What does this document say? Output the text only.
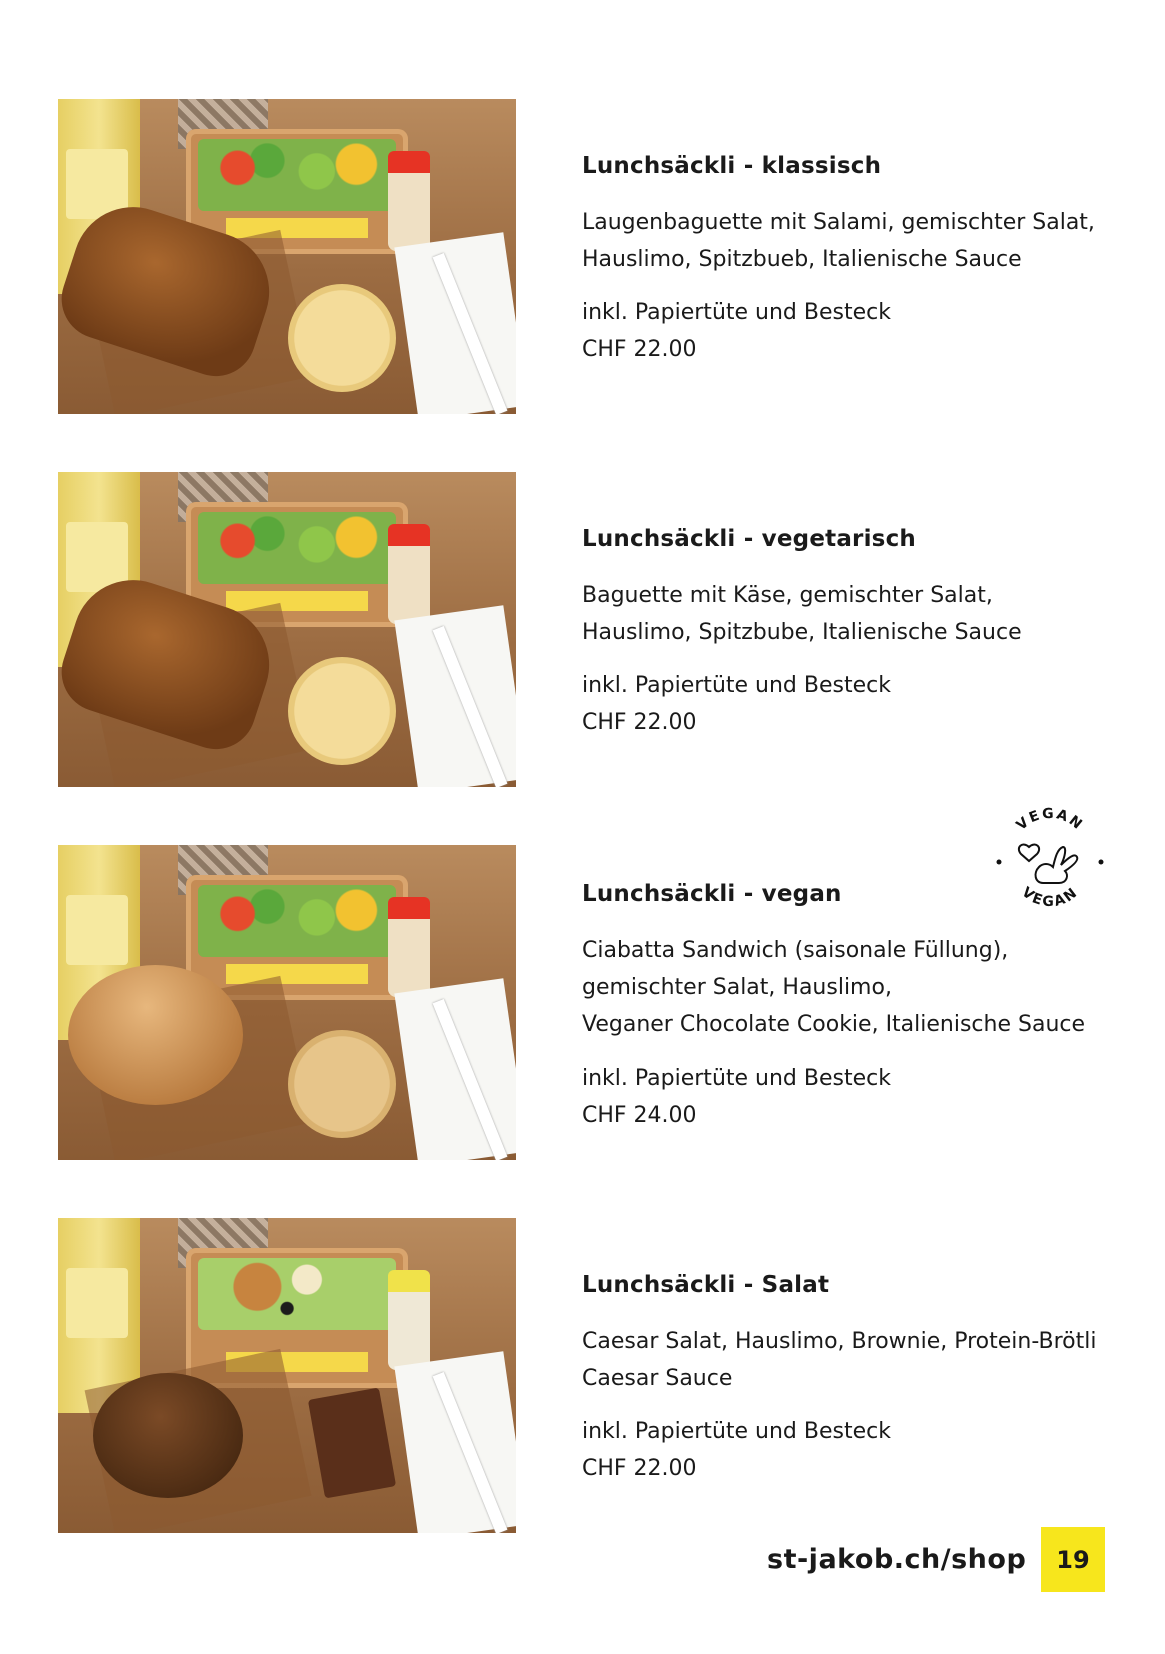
Lunchsäckli - klassisch
Laugenbaguette mit Salami, gemischter Salat,
Hauslimo, Spitzbueb, Italienische Sauce
inkl. Papiertüte und Besteck
CHF 22.00
Lunchsäckli - vegetarisch
Baguette mit Käse, gemischter Salat,
Hauslimo, Spitzbube, Italienische Sauce
inkl. Papiertüte und Besteck
CHF 22.00
Lunchsäckli - vegan
Ciabatta Sandwich (saisonale Füllung),
gemischter Salat, Hauslimo,
Veganer Chocolate Cookie, Italienische Sauce
inkl. Papiertüte und Besteck
CHF 24.00
VEGAN
VEGAN
Lunchsäckli - Salat
Caesar Salat, Hauslimo, Brownie, Protein-Brötli
Caesar Sauce
inkl. Papiertüte und Besteck
CHF 22.00
st-jakob.ch/shop	19
